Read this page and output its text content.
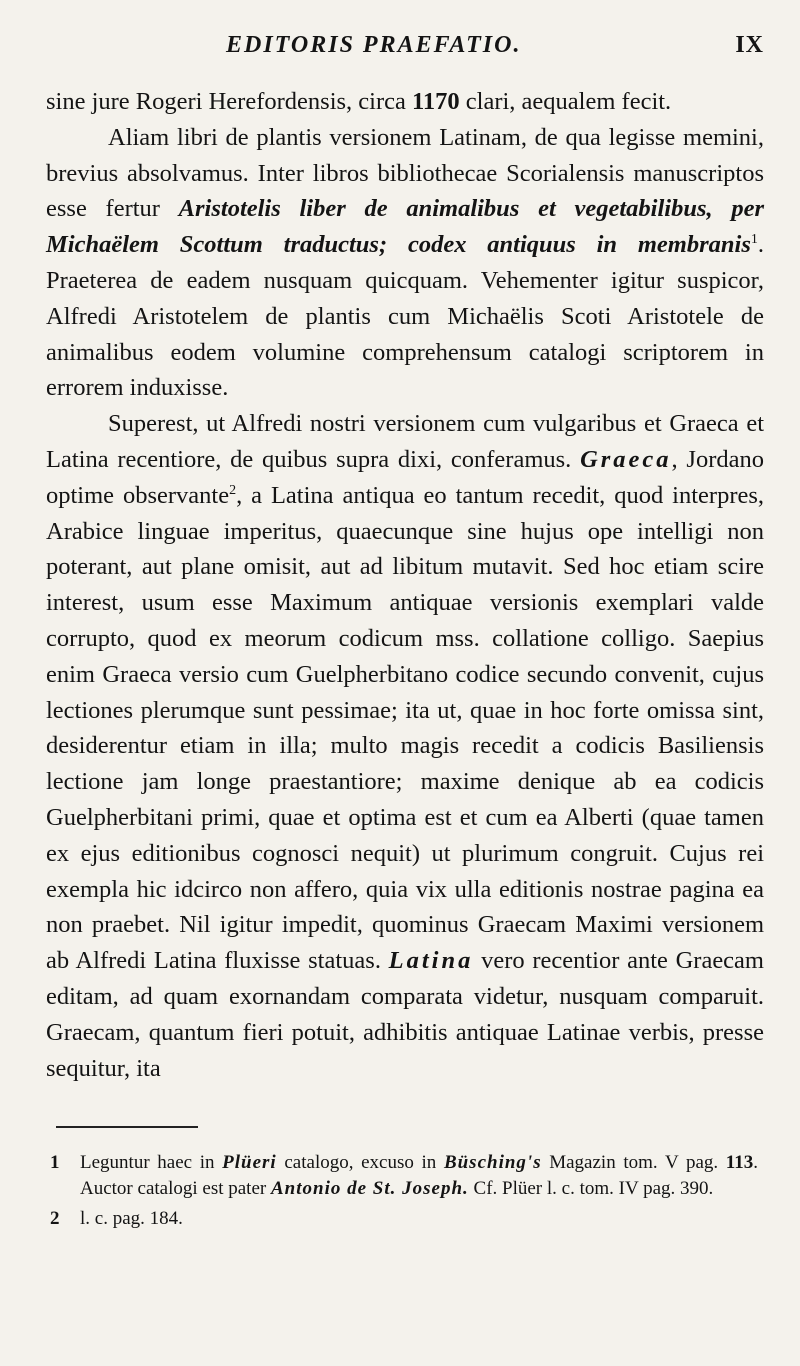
EDITORIS PRAEFATIO.	IX

sine jure Rogeri Herefordensis, circa 1170 clari, aequalem fecit.

Aliam libri de plantis versionem Latinam, de qua legisse memini, brevius absolvamus. Inter libros bibliothecae Scorialensis manuscriptos esse fertur Aristotelis liber de animalibus et vegetabilibus, per Michaëlem Scottum traductus; codex antiquus in membranis$^1$. Praeterea de eadem nusquam quicquam. Vehementer igitur suspicor, Alfredi Aristotelem de plantis cum Michaëlis Scoti Aristotele de animalibus eodem volumine comprehensum catalogi scriptorem in errorem induxisse.

Superest, ut Alfredi nostri versionem cum vulgaribus et Graeca et Latina recentiore, de quibus supra dixi, conferamus. Graeca, Jordano optime observante$^2$, a Latina antiqua eo tantum recedit, quod interpres, Arabice linguae imperitus, quaecunque sine hujus ope intelligi non poterant, aut plane omisit, aut ad libitum mutavit. Sed hoc etiam scire interest, usum esse Maximum antiquae versionis exemplari valde corrupto, quod ex meorum codicum mss. collatione colligo. Saepius enim Graeca versio cum Guelpherbitano codice secundo convenit, cujus lectiones plerumque sunt pessimae; ita ut, quae in hoc forte omissa sint, desiderentur etiam in illa; multo magis recedit a codicis Basiliensis lectione jam longe praestantiore; maxime denique ab ea codicis Guelpherbitani primi, quae et optima est et cum ea Alberti (quae tamen ex ejus editionibus cognosci nequit) ut plurimum congruit. Cujus rei exempla hic idcirco non affero, quia vix ulla editionis nostrae pagina ea non praebet. Nil igitur impedit, quominus Graecam Maximi versionem ab Alfredi Latina fluxisse statuas. Latina vero recentior ante Graecam editam, ad quam exornandam comparata videtur, nusquam comparuit. Graecam, quantum fieri potuit, adhibitis antiquae Latinae verbis, presse sequitur, ita

1	Leguntur haec in Plüeri catalogo, excuso in Büsching's Magazin tom. V pag. 113. Auctor catalogi est pater Antonio de St. Joseph. Cf. Plüer l. c. tom. IV pag. 390.
2	l. c. pag. 184.
